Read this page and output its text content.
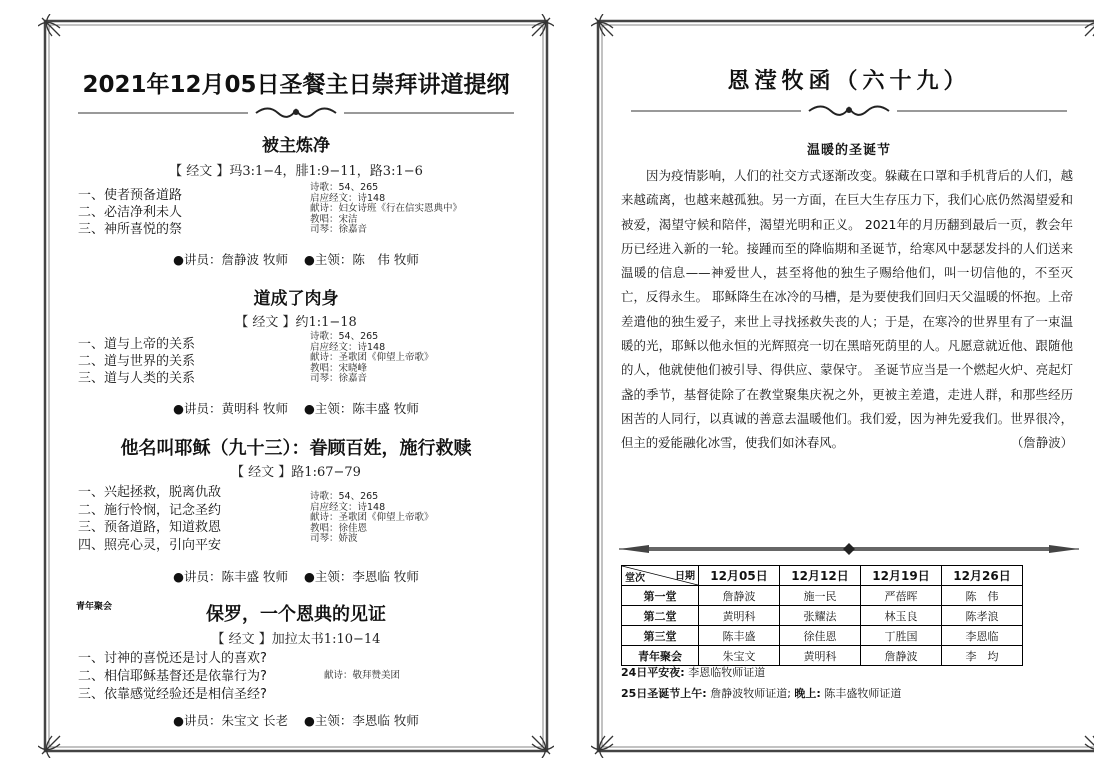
2021年12月05日圣餐主日崇拜讲道提纲
被主炼净
【 经文 】玛3:1−4，腓1:9−11，路3:1−6
一、使者预备道路
二、必洁净利未人
三、神所喜悦的祭
诗歌：54、265
启应经文：诗148
献诗：妇女诗班《行在信实恩典中》
教唱：宋洁
司琴：徐嘉音
●讲员：詹静波 牧师 ●主领：陈　伟 牧师
道成了肉身
【 经文 】约1:1−18
一、道与上帝的关系
二、道与世界的关系
三、道与人类的关系
诗歌：54、265
启应经文：诗148
献诗：圣歌团《仰望上帝歌》
教唱：宋晓峰
司琴：徐嘉音
●讲员：黄明科 牧师 ●主领：陈丰盛 牧师
他名叫耶稣（九十三）：眷顾百姓，施行救赎
【 经文 】路1:67−79
一、兴起拯救，脱离仇敌
二、施行怜悯，记念圣约
三、预备道路，知道救恩
四、照亮心灵，引向平安
诗歌：54、265
启应经文：诗148
献诗：圣歌团《仰望上帝歌》
教唱：徐佳恩
司琴：娇波
●讲员：陈丰盛 牧师 ●主领：李恩临 牧师
青年聚会	保罗，一个恩典的见证
【 经文 】加拉太书1:10−14
一、讨神的喜悦还是讨人的喜欢?
二、相信耶稣基督还是依靠行为?
三、依靠感觉经验还是相信圣经?
献诗：敬拜赞美团
●讲员：朱宝文 长老 ●主领：李恩临 牧师
恩滢牧函（六十九）
温暖的圣诞节
因为疫情影响，人们的社交方式逐渐改变。躲藏在口罩和手机背后的人们，越来越疏离，也越来越孤独。另一方面，在巨大生存压力下，我们心底仍然渴望爱和被爱，渴望守候和陪伴，渴望光明和正义。 2021年的月历翻到最后一页，教会年历已经进入新的一轮。接踵而至的降临期和圣诞节，给寒风中瑟瑟发抖的人们送来温暖的信息——神爱世人，甚至将他的独生子赐给他们，叫一切信他的，不至灭亡，反得永生。 耶稣降生在冰冷的马槽，是为要使我们回归天父温暖的怀抱。上帝差遣他的独生爱子，来世上寻找拯救失丧的人；于是，在寒冷的世界里有了一束温暖的光，耶稣以他永恒的光辉照亮一切在黑暗死荫里的人。凡愿意就近他、跟随他的人，他就使他们被引导、得供应、蒙保守。 圣诞节应当是一个燃起火炉、亮起灯盏的季节，基督徒除了在教堂聚集庆祝之外，更被主差遣，走进人群，和那些经历困苦的人同行，以真诚的善意去温暖他们。我们爱，因为神先爱我们。世界很冷，但主的爱能融化冰雪，使我们如沐春风。	（詹静波）
日期
堂次	12月05日	12月12日	12月19日	12月26日
第一堂	詹静波	施一民	严蓓晖	陈　伟
第二堂	黄明科	张耀法	林玉良	陈孝浪
第三堂	陈丰盛	徐佳恩	丁胜国	李恩临
青年聚会	朱宝文	黄明科	詹静波	李　均
24日平安夜: 李恩临牧师证道
25日圣诞节上午: 詹静波牧师证道; 晚上: 陈丰盛牧师证道
